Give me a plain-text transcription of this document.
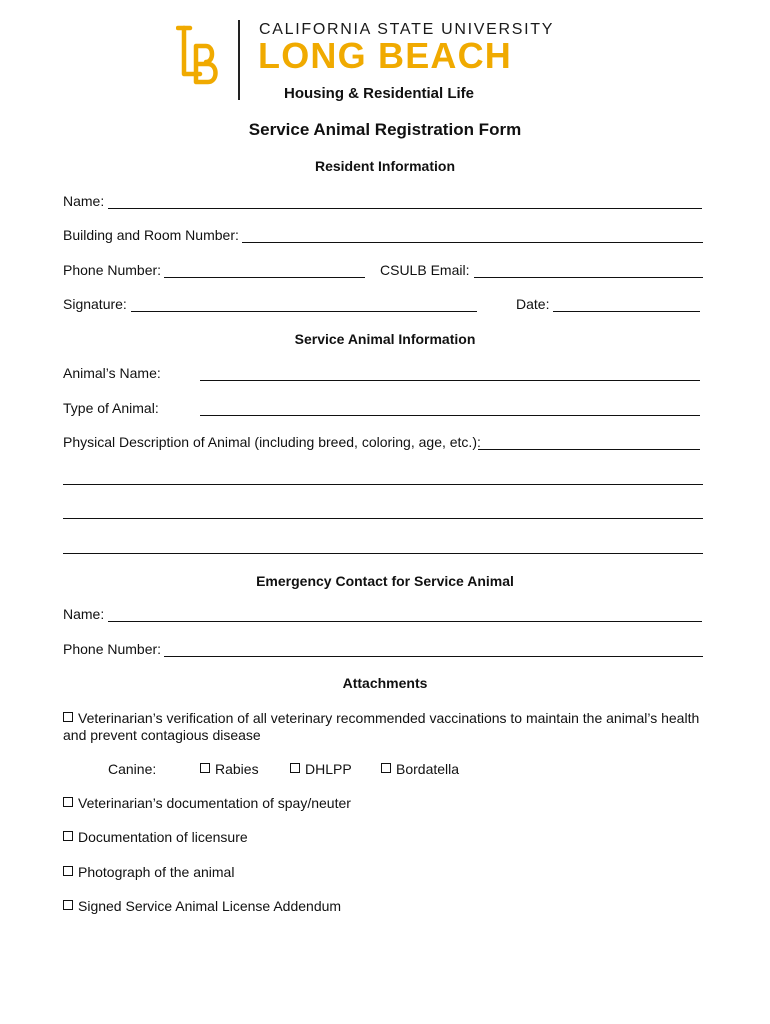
CALIFORNIA STATE UNIVERSITY
LONG BEACH
Housing & Residential Life
Service Animal Registration Form
Resident Information
Name:
Building and Room Number:
Phone Number:	CSULB Email:
Signature:	Date:
Service Animal Information
Animal’s Name:
Type of Animal:
Physical Description of Animal (including breed, coloring, age, etc.):
Emergency Contact for Service Animal
Name:
Phone Number:
Attachments
Veterinarian’s verification of all veterinary recommended vaccinations to maintain the animal’s health
and prevent contagious disease
Canine:	Rabies	DHLPP	Bordatella
Veterinarian’s documentation of spay/neuter
Documentation of licensure
Photograph of the animal
Signed Service Animal License Addendum
